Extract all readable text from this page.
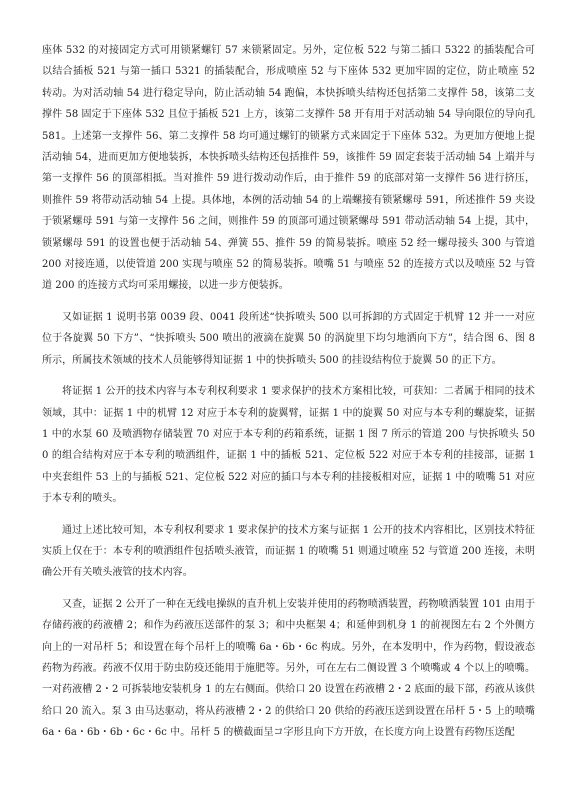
座体 532 的对接固定方式可用锁紧螺钉 57 来锁紧固定。另外，定位板 522 与第二插口 5322 的插装配合可以结合插板 521 与第一插口 5321 的插装配合，形成喷座 52 与下座体 532 更加牢固的定位，防止喷座 52 转动。为对活动轴 54 进行稳定导向，防止活动轴 54 跑偏，本快拆喷头结构还包括第二支撑件 58，该第二支撑件 58 固定于下座体 532 且位于插板 521 上方，该第二支撑件 58 开有用于对活动轴 54 导向限位的导向孔 581。上述第一支撑件 56、第二支撑件 58 均可通过螺钉的锁紧方式来固定于下座体 532。为更加方便地上提活动轴 54，进而更加方便地装拆，本快拆喷头结构还包括推件 59，该推件 59 固定套装于活动轴 54 上端并与第一支撑件 56 的顶部相抵。当对推件 59 进行拨动动作后，由于推件 59 的底部对第一支撑件 56 进行挤压，则推件 59 将带动活动轴 54 上提。具体地，本例的活动轴 54 的上端螺接有锁紧螺母 591，所述推件 59 夹设于锁紧螺母 591 与第一支撑件 56 之间，则推件 59 的顶部可通过锁紧螺母 591 带动活动轴 54 上提，其中，锁紧螺母 591 的设置也便于活动轴 54、弹簧 55、推件 59 的简易装拆。喷座 52 经一螺母接头 300 与管道 200 对接连通，以使管道 200 实现与喷座 52 的简易装拆。喷嘴 51 与喷座 52 的连接方式以及喷座 52 与管道 200 的连接方式均可采用螺接，以进一步方便装拆。

又如证据 1 说明书第 0039 段、0041 段所述“快拆喷头 500 以可拆卸的方式固定于机臂 12 并一一对应位于各旋翼 50 下方”、“快拆喷头 500 喷出的液滴在旋翼 50 的涡旋里下均匀地洒向下方”，结合图 6、图 8 所示，所属技术领域的技术人员能够得知证据 1 中的快拆喷头 500 的挂设结构位于旋翼 50 的正下方。

将证据 1 公开的技术内容与本专利权利要求 1 要求保护的技术方案相比较，可获知：二者属于相同的技术领域，其中：证据 1 中的机臂 12 对应于本专利的旋翼臂，证据 1 中的旋翼 50 对应与本专利的螺旋桨，证据 1 中的水泵 60 及喷洒物存储装置 70 对应于本专利的药箱系统，证据 1 图 7 所示的管道 200 与快拆喷头 500 的组合结构对应于本专利的喷洒组件，证据 1 中的插板 521、定位板 522 对应于本专利的挂接部，证据 1 中夹套组件 53 上的与插板 521、定位板 522 对应的插口与本专利的挂接板相对应，证据 1 中的喷嘴 51 对应于本专利的喷头。

通过上述比较可知，本专利权利要求 1 要求保护的技术方案与证据 1 公开的技术内容相比，区别技术特征实质上仅在于：本专利的喷洒组件包括喷头液管，而证据 1 的喷嘴 51 则通过喷座 52 与管道 200 连接，未明确公开有关喷头液管的技术内容。

又查，证据 2 公开了一种在无线电操纵的直升机上安装并使用的药物喷洒装置，药物喷洒装置 101 由用于存储药液的药液槽 2；和作为药液压送部件的泵 3；和中央框架 4；和延伸到机身 1 的前视图左右 2 个外侧方向上的一对吊杆 5；和设置在每个吊杆上的喷嘴 6a・6b・6c 构成。另外，在本发明中，作为药物，假设液态药物为药液。药液不仅用于防虫防疫还能用于施肥等。另外，可在左右二侧设置 3 个喷嘴或 4 个以上的喷嘴。一对药液槽 2・2 可拆装地安装机身 1 的左右侧面。供给口 20 设置在药液槽 2・2 底面的最下部，药液从该供给口 20 流入。泵 3 由马达驱动，将从药液槽 2・2 的供给口 20 供给的药液压送到设置在吊杆 5・5 上的喷嘴 6a・6a・6b・6b・6c・6c 中。吊杆 5 的横截面呈コ字形且向下方开放，在长度方向上设置有药物压送配
